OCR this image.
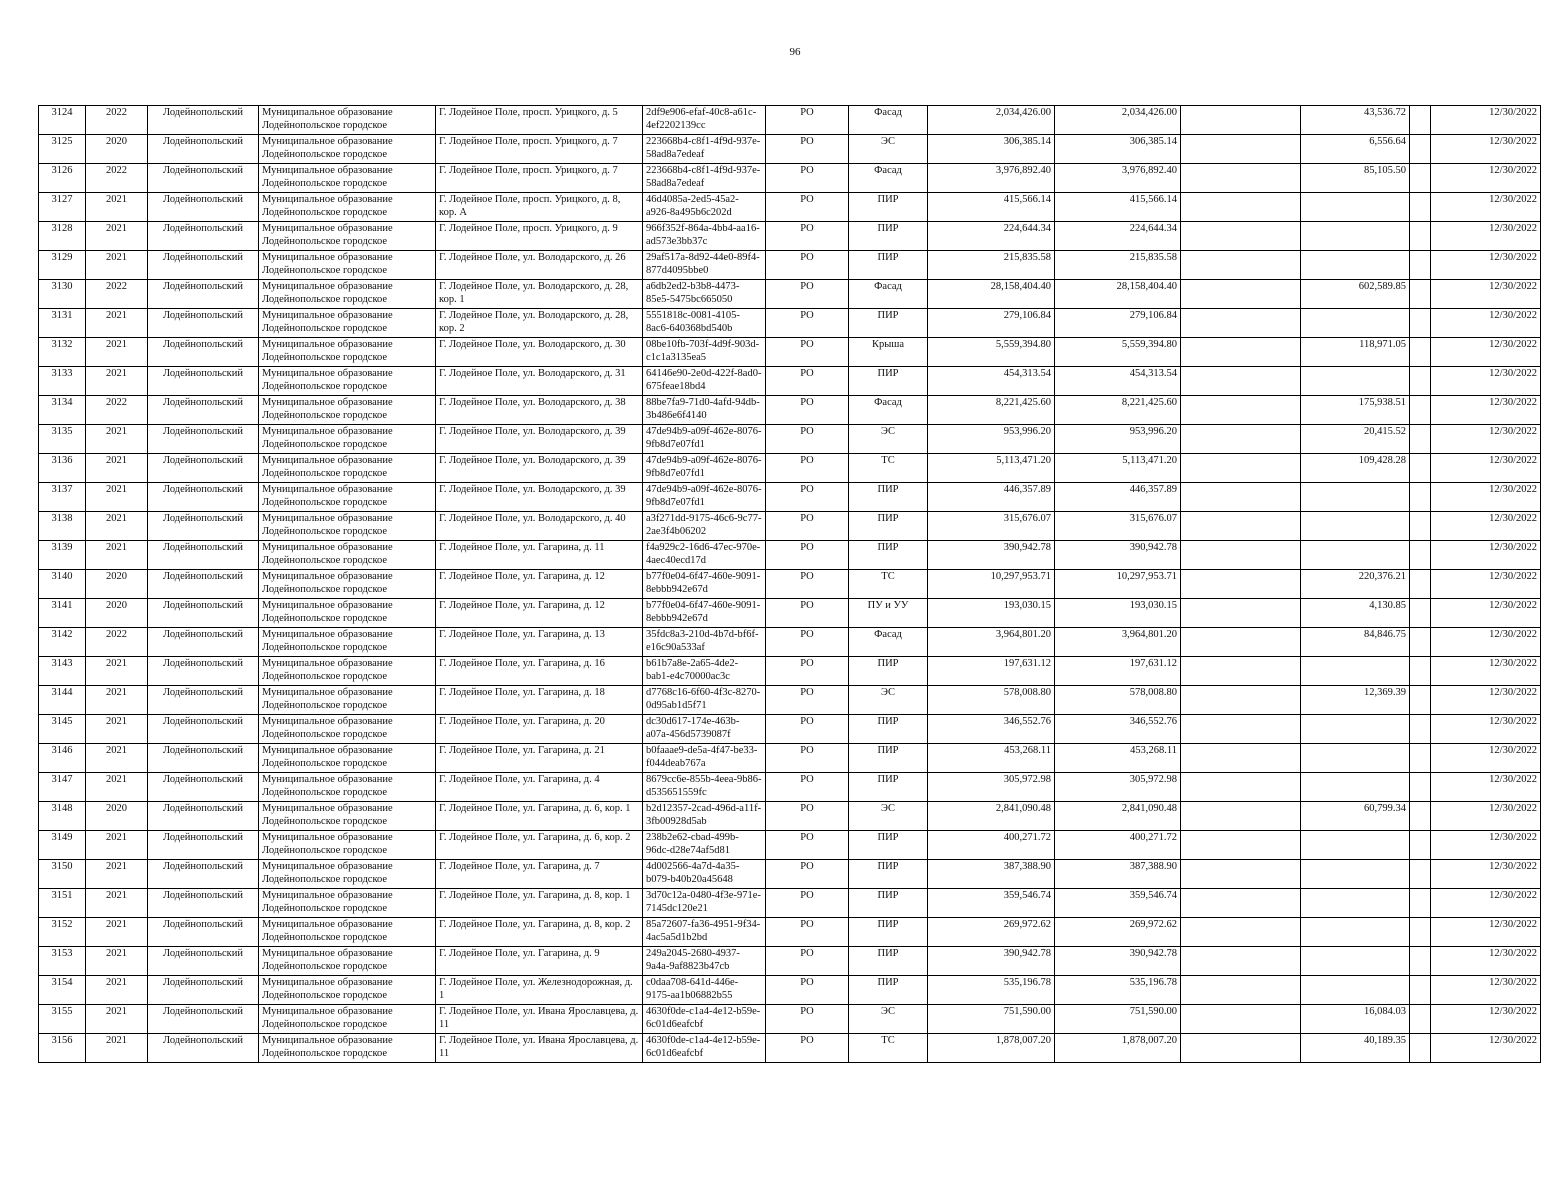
96
3124	2022	Лодейнопольский	Муниципальное образование Лодейнопольское городское	Г. Лодейное Поле, просп. Урицкого, д. 5	2df9e906-efaf-40c8-a61c-4ef2202139cc	РО	Фасад	2,034,426.00	2,034,426.00		43,536.72		12/30/2022

3125	2020	Лодейнопольский	Муниципальное образование Лодейнопольское городское	Г. Лодейное Поле, просп. Урицкого, д. 7	223668b4-c8f1-4f9d-937e-58ad8a7edeaf	РО	ЭС	306,385.14	306,385.14		6,556.64		12/30/2022

3126	2022	Лодейнопольский	Муниципальное образование Лодейнопольское городское	Г. Лодейное Поле, просп. Урицкого, д. 7	223668b4-c8f1-4f9d-937e-58ad8a7edeaf	РО	Фасад	3,976,892.40	3,976,892.40		85,105.50		12/30/2022

3127	2021	Лодейнопольский	Муниципальное образование Лодейнопольское городское	Г. Лодейное Поле, просп. Урицкого, д. 8, кор. А	46d4085a-2ed5-45a2-a926-8a495b6c202d	РО	ПИР	415,566.14	415,566.14				12/30/2022

3128	2021	Лодейнопольский	Муниципальное образование Лодейнопольское городское	Г. Лодейное Поле, просп. Урицкого, д. 9	966f352f-864a-4bb4-aa16-ad573e3bb37c	РО	ПИР	224,644.34	224,644.34				12/30/2022

3129	2021	Лодейнопольский	Муниципальное образование Лодейнопольское городское	Г. Лодейное Поле, ул. Володарского, д. 26	29af517a-8d92-44e0-89f4-877d4095bbe0	РО	ПИР	215,835.58	215,835.58				12/30/2022

3130	2022	Лодейнопольский	Муниципальное образование Лодейнопольское городское	Г. Лодейное Поле, ул. Володарского, д. 28, кор. 1	a6db2ed2-b3b8-4473-85e5-5475bc665050	РО	Фасад	28,158,404.40	28,158,404.40		602,589.85		12/30/2022

3131	2021	Лодейнопольский	Муниципальное образование Лодейнопольское городское	Г. Лодейное Поле, ул. Володарского, д. 28, кор. 2	5551818c-0081-4105-8ac6-640368bd540b	РО	ПИР	279,106.84	279,106.84				12/30/2022

3132	2021	Лодейнопольский	Муниципальное образование Лодейнопольское городское	Г. Лодейное Поле, ул. Володарского, д. 30	08be10fb-703f-4d9f-903d-c1c1a3135ea5	РО	Крыша	5,559,394.80	5,559,394.80		118,971.05		12/30/2022

3133	2021	Лодейнопольский	Муниципальное образование Лодейнопольское городское	Г. Лодейное Поле, ул. Володарского, д. 31	64146e90-2e0d-422f-8ad0-675feae18bd4	РО	ПИР	454,313.54	454,313.54				12/30/2022

3134	2022	Лодейнопольский	Муниципальное образование Лодейнопольское городское	Г. Лодейное Поле, ул. Володарского, д. 38	88be7fa9-71d0-4afd-94db-3b486e6f4140	РО	Фасад	8,221,425.60	8,221,425.60		175,938.51		12/30/2022

3135	2021	Лодейнопольский	Муниципальное образование Лодейнопольское городское	Г. Лодейное Поле, ул. Володарского, д. 39	47de94b9-a09f-462e-8076-9fb8d7e07fd1	РО	ЭС	953,996.20	953,996.20		20,415.52		12/30/2022

3136	2021	Лодейнопольский	Муниципальное образование Лодейнопольское городское	Г. Лодейное Поле, ул. Володарского, д. 39	47de94b9-a09f-462e-8076-9fb8d7e07fd1	РО	ТС	5,113,471.20	5,113,471.20		109,428.28		12/30/2022

3137	2021	Лодейнопольский	Муниципальное образование Лодейнопольское городское	Г. Лодейное Поле, ул. Володарского, д. 39	47de94b9-a09f-462e-8076-9fb8d7e07fd1	РО	ПИР	446,357.89	446,357.89				12/30/2022

3138	2021	Лодейнопольский	Муниципальное образование Лодейнопольское городское	Г. Лодейное Поле, ул. Володарского, д. 40	a3f271dd-9175-46c6-9c77-2ae3f4b06202	РО	ПИР	315,676.07	315,676.07				12/30/2022

3139	2021	Лодейнопольский	Муниципальное образование Лодейнопольское городское	Г. Лодейное Поле, ул. Гагарина, д. 11	f4a929c2-16d6-47ec-970e-4aec40ecd17d	РО	ПИР	390,942.78	390,942.78				12/30/2022

3140	2020	Лодейнопольский	Муниципальное образование Лодейнопольское городское	Г. Лодейное Поле, ул. Гагарина, д. 12	b77f0e04-6f47-460e-9091-8ebbb942e67d	РО	ТС	10,297,953.71	10,297,953.71		220,376.21		12/30/2022

3141	2020	Лодейнопольский	Муниципальное образование Лодейнопольское городское	Г. Лодейное Поле, ул. Гагарина, д. 12	b77f0e04-6f47-460e-9091-8ebbb942e67d	РО	ПУ и УУ	193,030.15	193,030.15		4,130.85		12/30/2022

3142	2022	Лодейнопольский	Муниципальное образование Лодейнопольское городское	Г. Лодейное Поле, ул. Гагарина, д. 13	35fdc8a3-210d-4b7d-bf6f-e16c90a533af	РО	Фасад	3,964,801.20	3,964,801.20		84,846.75		12/30/2022

3143	2021	Лодейнопольский	Муниципальное образование Лодейнопольское городское	Г. Лодейное Поле, ул. Гагарина, д. 16	b61b7a8e-2a65-4de2-bab1-e4c70000ac3c	РО	ПИР	197,631.12	197,631.12				12/30/2022

3144	2021	Лодейнопольский	Муниципальное образование Лодейнопольское городское	Г. Лодейное Поле, ул. Гагарина, д. 18	d7768c16-6f60-4f3c-8270-0d95ab1d5f71	РО	ЭС	578,008.80	578,008.80		12,369.39		12/30/2022

3145	2021	Лодейнопольский	Муниципальное образование Лодейнопольское городское	Г. Лодейное Поле, ул. Гагарина, д. 20	dc30d617-174e-463b-a07a-456d5739087f	РО	ПИР	346,552.76	346,552.76				12/30/2022

3146	2021	Лодейнопольский	Муниципальное образование Лодейнопольское городское	Г. Лодейное Поле, ул. Гагарина, д. 21	b0faaae9-de5a-4f47-be33-f044deab767a	РО	ПИР	453,268.11	453,268.11				12/30/2022

3147	2021	Лодейнопольский	Муниципальное образование Лодейнопольское городское	Г. Лодейное Поле, ул. Гагарина, д. 4	8679cc6e-855b-4eea-9b86-d535651559fc	РО	ПИР	305,972.98	305,972.98				12/30/2022

3148	2020	Лодейнопольский	Муниципальное образование Лодейнопольское городское	Г. Лодейное Поле, ул. Гагарина, д. 6, кор. 1	b2d12357-2cad-496d-a11f-3fb00928d5ab	РО	ЭС	2,841,090.48	2,841,090.48		60,799.34		12/30/2022

3149	2021	Лодейнопольский	Муниципальное образование Лодейнопольское городское	Г. Лодейное Поле, ул. Гагарина, д. 6, кор. 2	238b2e62-cbad-499b-96dc-d28e74af5d81	РО	ПИР	400,271.72	400,271.72				12/30/2022

3150	2021	Лодейнопольский	Муниципальное образование Лодейнопольское городское	Г. Лодейное Поле, ул. Гагарина, д. 7	4d002566-4a7d-4a35-b079-b40b20a45648	РО	ПИР	387,388.90	387,388.90				12/30/2022

3151	2021	Лодейнопольский	Муниципальное образование Лодейнопольское городское	Г. Лодейное Поле, ул. Гагарина, д. 8, кор. 1	3d70c12a-0480-4f3e-971e-7145dc120e21	РО	ПИР	359,546.74	359,546.74				12/30/2022

3152	2021	Лодейнопольский	Муниципальное образование Лодейнопольское городское	Г. Лодейное Поле, ул. Гагарина, д. 8, кор. 2	85a72607-fa36-4951-9f34-4ac5a5d1b2bd	РО	ПИР	269,972.62	269,972.62				12/30/2022

3153	2021	Лодейнопольский	Муниципальное образование Лодейнопольское городское	Г. Лодейное Поле, ул. Гагарина, д. 9	249a2045-2680-4937-9a4a-9af8823b47cb	РО	ПИР	390,942.78	390,942.78				12/30/2022

3154	2021	Лодейнопольский	Муниципальное образование Лодейнопольское городское	Г. Лодейное Поле, ул. Железнодорожная, д. 1	c0daa708-641d-446e-9175-aa1b06882b55	РО	ПИР	535,196.78	535,196.78				12/30/2022

3155	2021	Лодейнопольский	Муниципальное образование Лодейнопольское городское	Г. Лодейное Поле, ул. Ивана Ярославцева, д. 11	4630f0de-c1a4-4e12-b59e-6c01d6eafcbf	РО	ЭС	751,590.00	751,590.00		16,084.03		12/30/2022

3156	2021	Лодейнопольский	Муниципальное образование Лодейнопольское городское	Г. Лодейное Поле, ул. Ивана Ярославцева, д. 11	4630f0de-c1a4-4e12-b59e-6c01d6eafcbf	РО	ТС	1,878,007.20	1,878,007.20		40,189.35		12/30/2022
